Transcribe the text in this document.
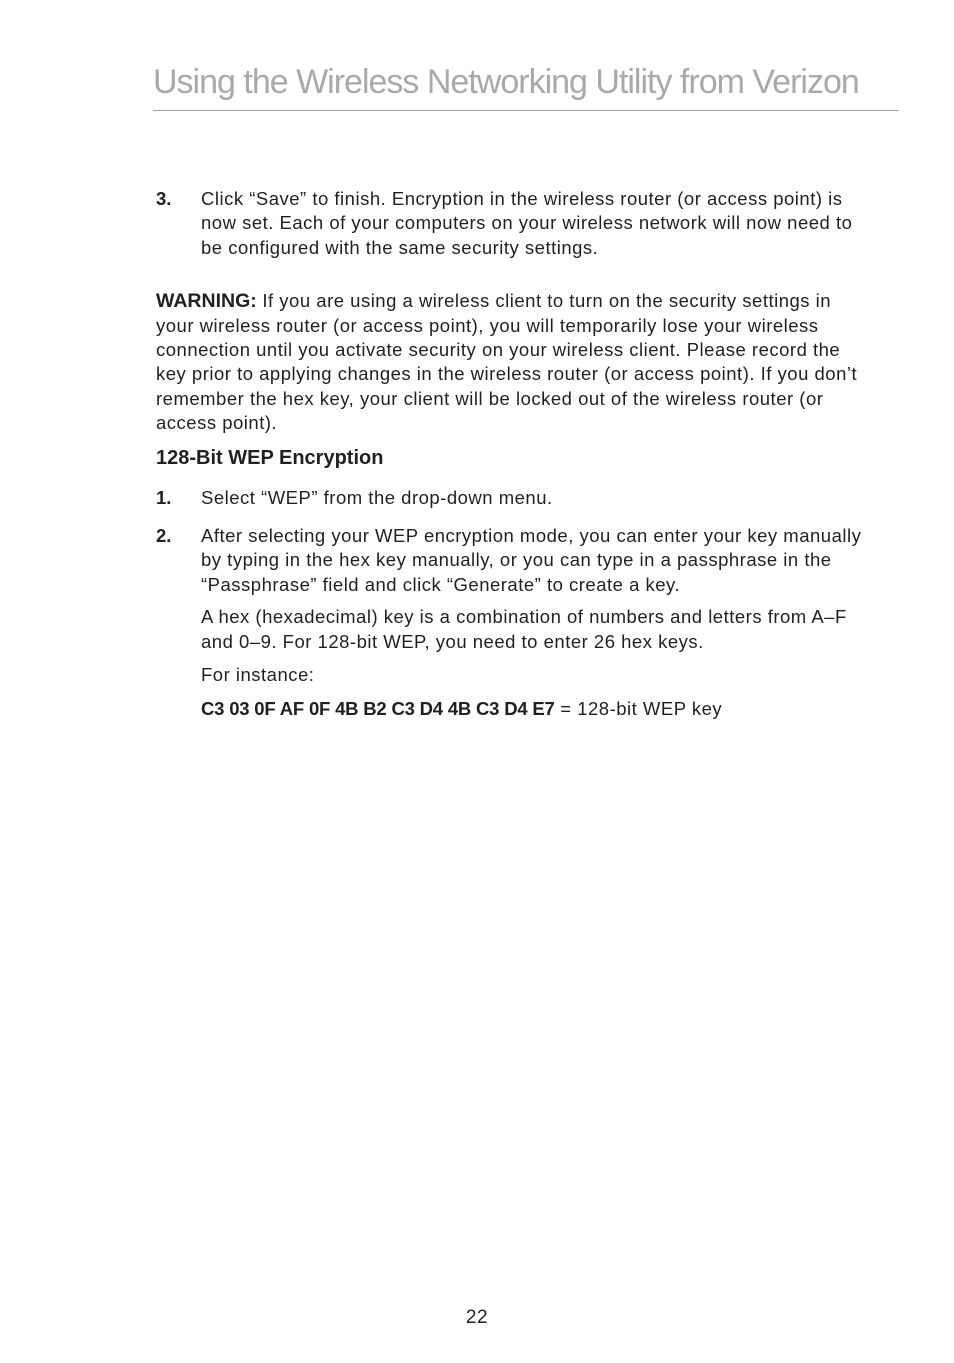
Using the Wireless Networking Utility from Verizon

3. Click “Save” to finish. Encryption in the wireless router (or access point) is now set. Each of your computers on your wireless network will now need to be configured with the same security settings.

WARNING: If you are using a wireless client to turn on the security settings in your wireless router (or access point), you will temporarily lose your wireless connection until you activate security on your wireless client. Please record the key prior to applying changes in the wireless router (or access point). If you don’t remember the hex key, your client will be locked out of the wireless router (or access point).

128-Bit WEP Encryption

1. Select “WEP” from the drop-down menu.

2. After selecting your WEP encryption mode, you can enter your key manually by typing in the hex key manually, or you can type in a passphrase in the “Passphrase” field and click “Generate” to create a key.

A hex (hexadecimal) key is a combination of numbers and letters from A–F and 0–9. For 128-bit WEP, you need to enter 26 hex keys.

For instance:

C3 03 0F AF 0F 4B B2 C3 D4 4B C3 D4 E7 = 128-bit WEP key

22
